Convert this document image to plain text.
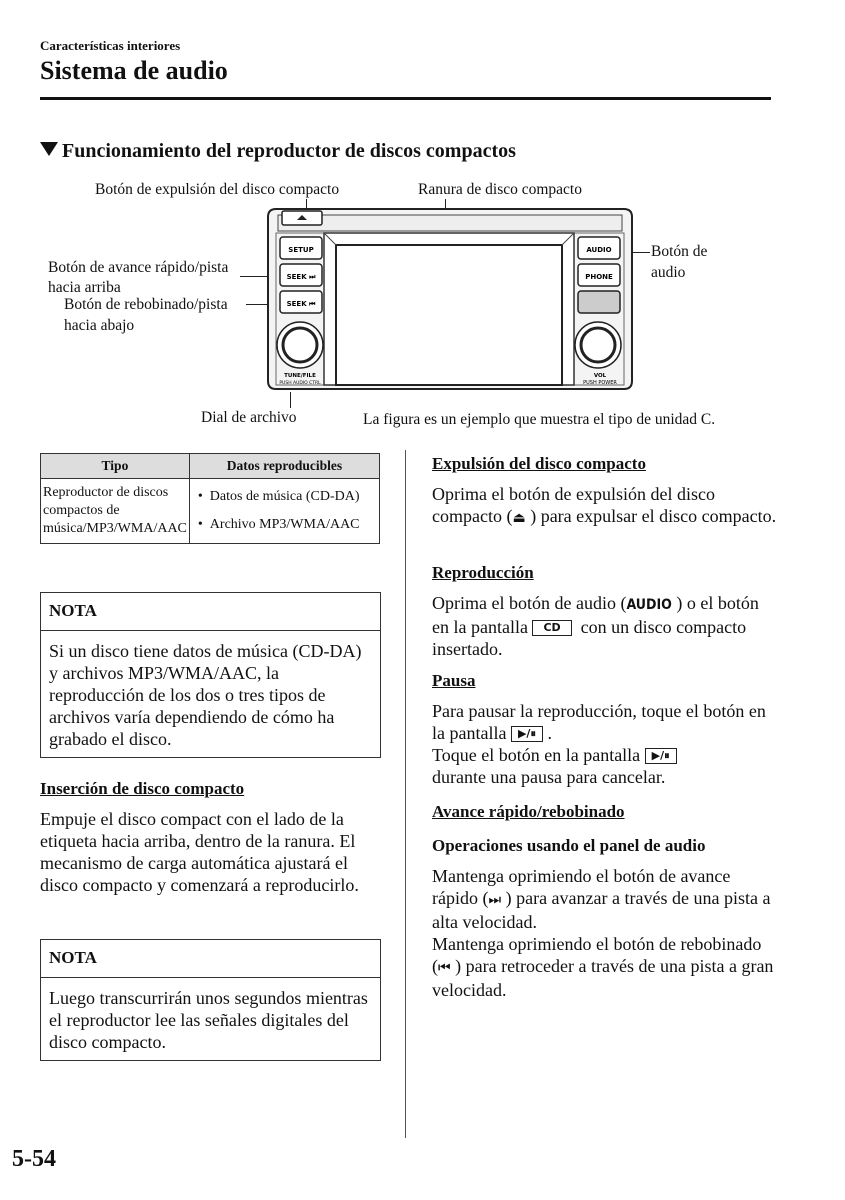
Características interiores
Sistema de audio
Funcionamiento del reproductor de discos compactos
Botón de expulsión del disco compacto	Ranura de disco compacto
Botón de
audio
Botón de avance rápido/pista
hacia arriba
Botón de rebobinado/pista
hacia abajo
Dial de archivo	La figura es un ejemplo que muestra el tipo de unidad C.
SETUP
SEEK ⏭
SEEK ⏮
AUDIO
PHONE
TUNE/FILE
PUSH AUDIO CTRL
VOL
PUSH POWER
Tipo	Datos reproducibles
Reproductor de discos compactos de música/MP3/WMA/AAC	•  Datos de música (CD-DA)
•  Archivo MP3/WMA/AAC
NOTA
Si un disco tiene datos de música (CD-DA) y archivos MP3/WMA/AAC, la reproducción de los dos o tres tipos de archivos varía dependiendo de cómo ha grabado el disco.
Inserción de disco compacto
Empuje el disco compact con el lado de la etiqueta hacia arriba, dentro de la ranura. El mecanismo de carga automática ajustará el disco compacto y comenzará a reproducirlo.
NOTA
Luego transcurrirán unos segundos mientras el reproductor lee las señales digitales del disco compacto.
Expulsión del disco compacto
Oprima el botón de expulsión del disco compacto (⏏ ) para expulsar el disco compacto.
Reproducción
Oprima el botón de audio (AUDIO ) o el botón en la pantalla CD con un disco compacto insertado.
Pausa
Para pausar la reproducción, toque el botón en la pantalla ▶/⏸ .
Toque el botón en la pantalla ▶/⏸
durante una pausa para cancelar.
Avance rápido/rebobinado
Operaciones usando el panel de audio
Mantenga oprimiendo el botón de avance rápido (⏭ ) para avanzar a través de una pista a alta velocidad.
Mantenga oprimiendo el botón de rebobinado (⏮ ) para retroceder a través de una pista a gran velocidad.
5-54
